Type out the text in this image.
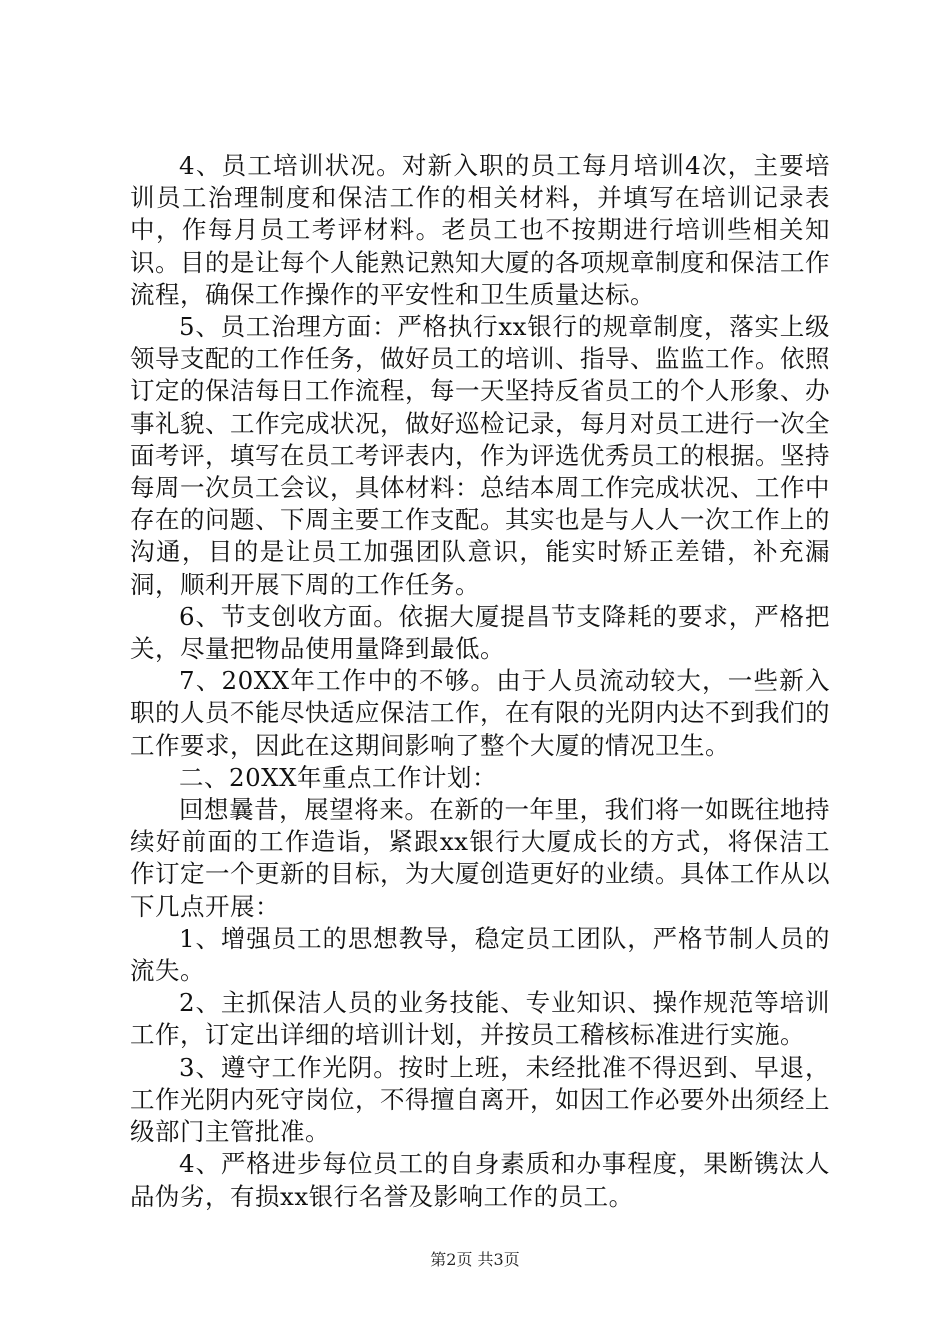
4、员工培训状况。对新入职的员工每月培训4次，主要培训员工治理制度和保洁工作的相关材料，并填写在培训记录表中，作每月员工考评材料。老员工也不按期进行培训些相关知识。目的是让每个人能熟记熟知大厦的各项规章制度和保洁工作流程，确保工作操作的平安性和卫生质量达标。

5、员工治理方面：严格执行xx银行的规章制度，落实上级领导支配的工作任务，做好员工的培训、指导、监监工作。依照订定的保洁每日工作流程，每一天坚持反省员工的个人形象、办事礼貌、工作完成状况，做好巡检记录，每月对员工进行一次全面考评，填写在员工考评表内，作为评选优秀员工的根据。坚持每周一次员工会议，具体材料：总结本周工作完成状况、工作中存在的问题、下周主要工作支配。其实也是与人人一次工作上的沟通，目的是让员工加强团队意识，能实时矫正差错，补充漏洞，顺利开展下周的工作任务。

6、节支创收方面。依据大厦提昌节支降耗的要求，严格把关，尽量把物品使用量降到最低。

7、20XX年工作中的不够。由于人员流动较大，一些新入职的人员不能尽快适应保洁工作，在有限的光阴内达不到我们的工作要求，因此在这期间影响了整个大厦的情况卫生。

二、20XX年重点工作计划：

回想曩昔，展望将来。在新的一年里，我们将一如既往地持续好前面的工作造诣，紧跟xx银行大厦成长的方式，将保洁工作订定一个更新的目标，为大厦创造更好的业绩。具体工作从以下几点开展：

1、增强员工的思想教导，稳定员工团队，严格节制人员的流失。

2、主抓保洁人员的业务技能、专业知识、操作规范等培训工作，订定出详细的培训计划，并按员工稽核标准进行实施。

3、遵守工作光阴。按时上班，未经批准不得迟到、早退，工作光阴内死守岗位，不得擅自离开，如因工作必要外出须经上级部门主管批准。

4、严格进步每位员工的自身素质和办事程度，果断镌汰人品伪劣，有损xx银行名誉及影响工作的员工。

第2页 共3页
